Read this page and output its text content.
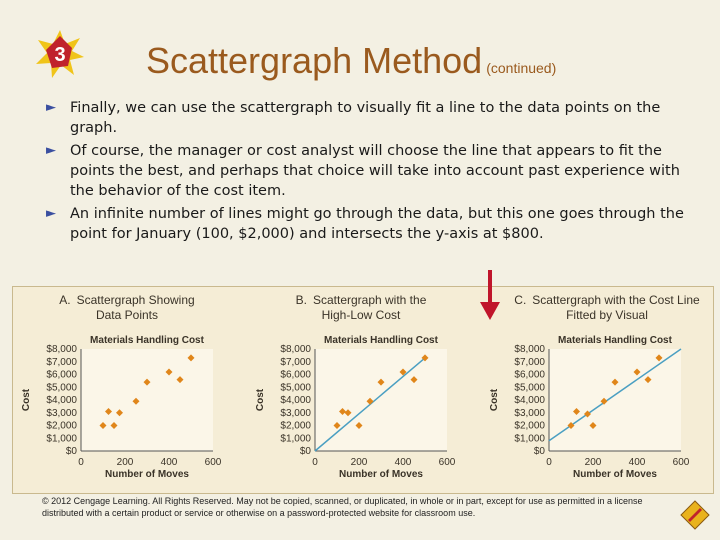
3 Scattergraph Method (continued)
► Finally, we can use the scattergraph to visually fit a line to the data points on the graph.
► Of course, the manager or cost analyst will choose the line that appears to fit the points the best, and perhaps that choice will take into account past experience with the behavior of the cost item.
► An infinite number of lines might go through the data, but this one goes through the point for January (100, $2,000) and intersects the y-axis at $800.
A. Scattergraph Showing
Data Points
Materials Handling Cost
$0
$1,000
$2,000
$3,000
$4,000
$5,000
$6,000
$7,000
$8,000
0	200	400	600
Number of Moves
Cost
B. Scattergraph with the
High-Low Cost
Materials Handling Cost
$0
$1,000
$2,000
$3,000
$4,000
$5,000
$6,000
$7,000
$8,000
0	200	400	600
Number of Moves
Cost
C. Scattergraph with the Cost Line
Fitted by Visual
Materials Handling Cost
$0
$1,000
$2,000
$3,000
$4,000
$5,000
$6,000
$7,000
$8,000
0	200	400	600
Number of Moves
Cost
© 2012 Cengage Learning. All Rights Reserved. May not be copied, scanned, or duplicated, in whole or in part, except for use as permitted in a license distributed with a certain product or service or otherwise on a password-protected website for classroom use.
